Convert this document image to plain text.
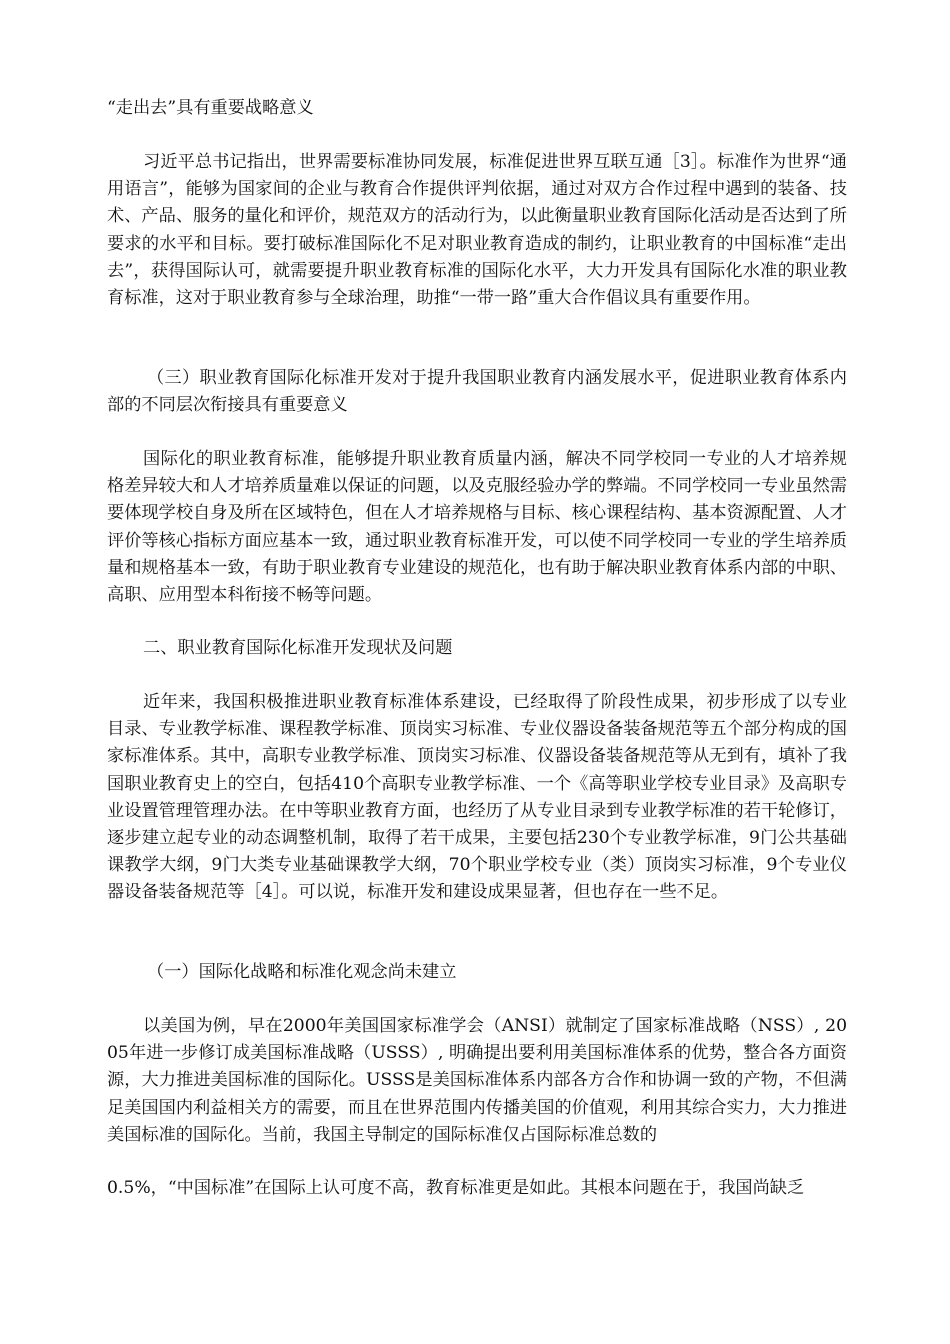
“走出去”具有重要战略意义

习近平总书记指出，世界需要标准协同发展，标准促进世界互联互通［3］。标准作为世界“通用语言”，能够为国家间的企业与教育合作提供评判依据，通过对双方合作过程中遇到的装备、技术、产品、服务的量化和评价，规范双方的活动行为，以此衡量职业教育国际化活动是否达到了所要求的水平和目标。要打破标准国际化不足对职业教育造成的制约，让职业教育的中国标准“走出去”，获得国际认可，就需要提升职业教育标准的国际化水平，大力开发具有国际化水准的职业教育标准，这对于职业教育参与全球治理，助推“一带一路”重大合作倡议具有重要作用。

（三）职业教育国际化标准开发对于提升我国职业教育内涵发展水平，促进职业教育体系内部的不同层次衔接具有重要意义

国际化的职业教育标准，能够提升职业教育质量内涵，解决不同学校同一专业的人才培养规格差异较大和人才培养质量难以保证的问题，以及克服经验办学的弊端。不同学校同一专业虽然需要体现学校自身及所在区域特色，但在人才培养规格与目标、核心课程结构、基本资源配置、人才评价等核心指标方面应基本一致，通过职业教育标准开发，可以使不同学校同一专业的学生培养质量和规格基本一致，有助于职业教育专业建设的规范化，也有助于解决职业教育体系内部的中职、高职、应用型本科衔接不畅等问题。

二、职业教育国际化标准开发现状及问题

近年来，我国积极推进职业教育标准体系建设，已经取得了阶段性成果，初步形成了以专业目录、专业教学标准、课程教学标准、顶岗实习标准、专业仪器设备装备规范等五个部分构成的国家标准体系。其中，高职专业教学标准、顶岗实习标准、仪器设备装备规范等从无到有，填补了我国职业教育史上的空白，包括410个高职专业教学标准、一个《高等职业学校专业目录》及高职专业设置管理管理办法。在中等职业教育方面，也经历了从专业目录到专业教学标准的若干轮修订，逐步建立起专业的动态调整机制，取得了若干成果，主要包括230个专业教学标准，9门公共基础课教学大纲，9门大类专业基础课教学大纲，70个职业学校专业（类）顶岗实习标准，9个专业仪器设备装备规范等［4］。可以说，标准开发和建设成果显著，但也存在一些不足。

（一）国际化战略和标准化观念尚未建立

以美国为例，早在2000年美国国家标准学会（ANSI）就制定了国家标准战略（NSS）, 2005年进一步修订成美国标准战略（USSS）, 明确提出要利用美国标准体系的优势，整合各方面资源，大力推进美国标准的国际化。USSS是美国标准体系内部各方合作和协调一致的产物，不但满足美国国内利益相关方的需要，而且在世界范围内传播美国的价值观，利用其综合实力，大力推进美国标准的国际化。当前，我国主导制定的国际标准仅占国际标准总数的

0.5%，“中国标准”在国际上认可度不高，教育标准更是如此。其根本问题在于，我国尚缺乏
